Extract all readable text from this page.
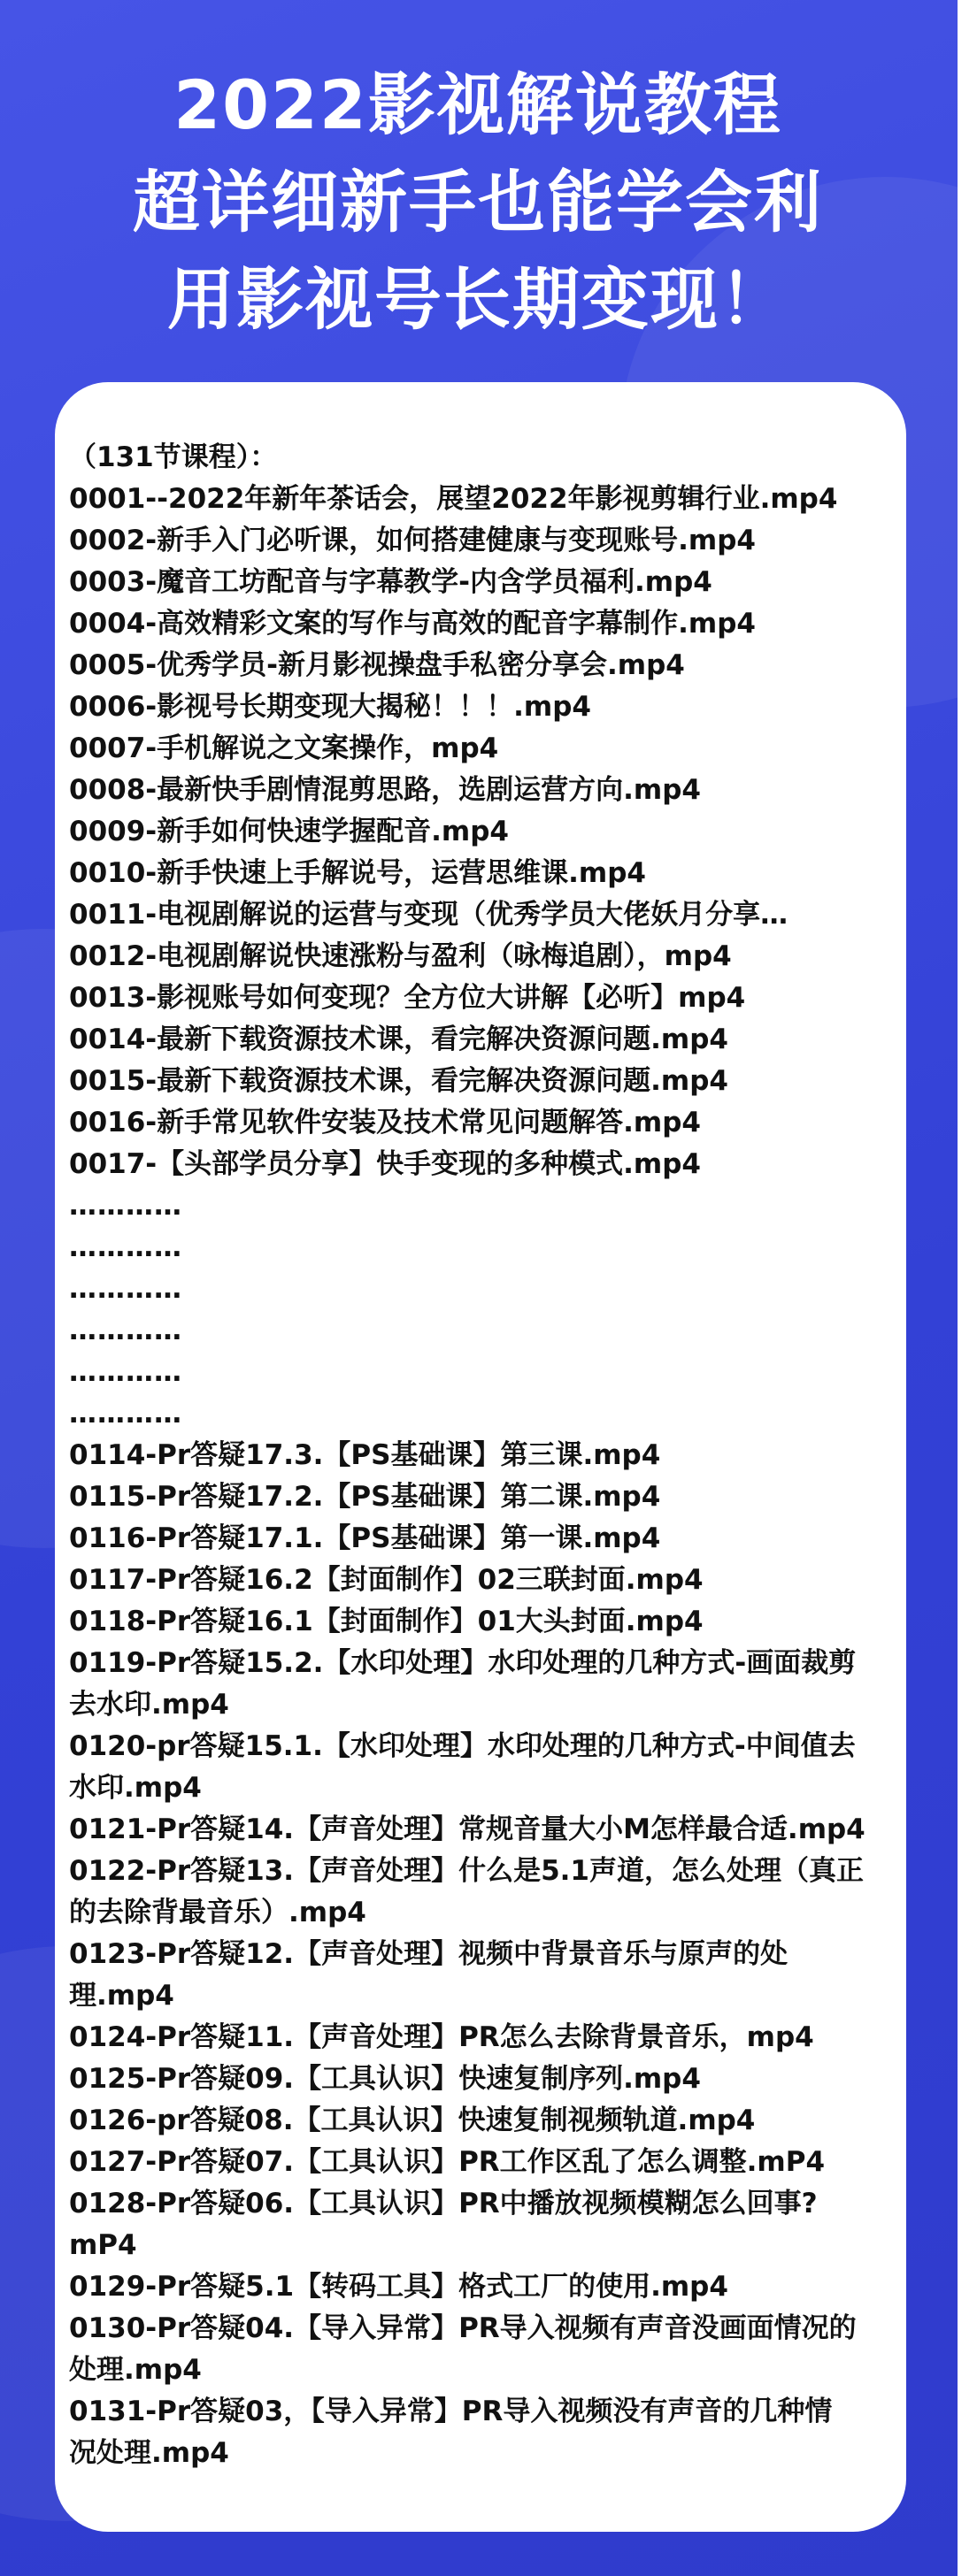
2022影视解说教程
超详细新手也能学会利
用影视号长期变现！
（131节课程）：
0001--2022年新年茶话会，展望2022年影视剪辑行业.mp4
0002-新手入门必听课，如何搭建健康与变现账号.mp4
0003-魔音工坊配音与字幕教学-内含学员福利.mp4
0004-高效精彩文案的写作与高效的配音字幕制作.mp4
0005-优秀学员-新月影视操盘手私密分享会.mp4
0006-影视号长期变现大揭秘！！！.mp4
0007-手机解说之文案操作，mp4
0008-最新快手剧情混剪思路，选剧运营方向.mp4
0009-新手如何快速学握配音.mp4
0010-新手快速上手解说号，运营思维课.mp4
0011-电视剧解说的运营与变现（优秀学员大佬妖月分享…
0012-电视剧解说快速涨粉与盈利（咏梅追剧），mp4
0013-影视账号如何变现？全方位大讲解【必听】mp4
0014-最新下载资源技术课，看完解决资源问题.mp4
0015-最新下载资源技术课，看完解决资源问题.mp4
0016-新手常见软件安装及技术常见问题解答.mp4
0017-【头部学员分享】快手变现的多种模式.mp4
…………
…………
…………
…………
…………
…………
0114-Pr答疑17.3.【PS基础课】第三课.mp4
0115-Pr答疑17.2.【PS基础课】第二课.mp4
0116-Pr答疑17.1.【PS基础课】第一课.mp4
0117-Pr答疑16.2【封面制作】02三联封面.mp4
0118-Pr答疑16.1【封面制作】01大头封面.mp4
0119-Pr答疑15.2.【水印处理】水印处理的几种方式-画面裁剪
去水印.mp4
0120-pr答疑15.1.【水印处理】水印处理的几种方式-中间值去
水印.mp4
0121-Pr答疑14.【声音处理】常规音量大小M怎样最合适.mp4
0122-Pr答疑13.【声音处理】什么是5.1声道，怎么处理（真正
的去除背最音乐）.mp4
0123-Pr答疑12.【声音处理】视频中背景音乐与原声的处
理.mp4
0124-Pr答疑11.【声音处理】PR怎么去除背景音乐，mp4
0125-Pr答疑09.【工具认识】快速复制序列.mp4
0126-pr答疑08.【工具认识】快速复制视频轨道.mp4
0127-Pr答疑07.【工具认识】PR工作区乱了怎么调整.mP4
0128-Pr答疑06.【工具认识】PR中播放视频模糊怎么回事?
mP4
0129-Pr答疑5.1【转码工具】格式工厂的使用.mp4
0130-Pr答疑04.【导入异常】PR导入视频有声音没画面情况的
处理.mp4
0131-Pr答疑03，【导入异常】PR导入视频没有声音的几种情
况处理.mp4
